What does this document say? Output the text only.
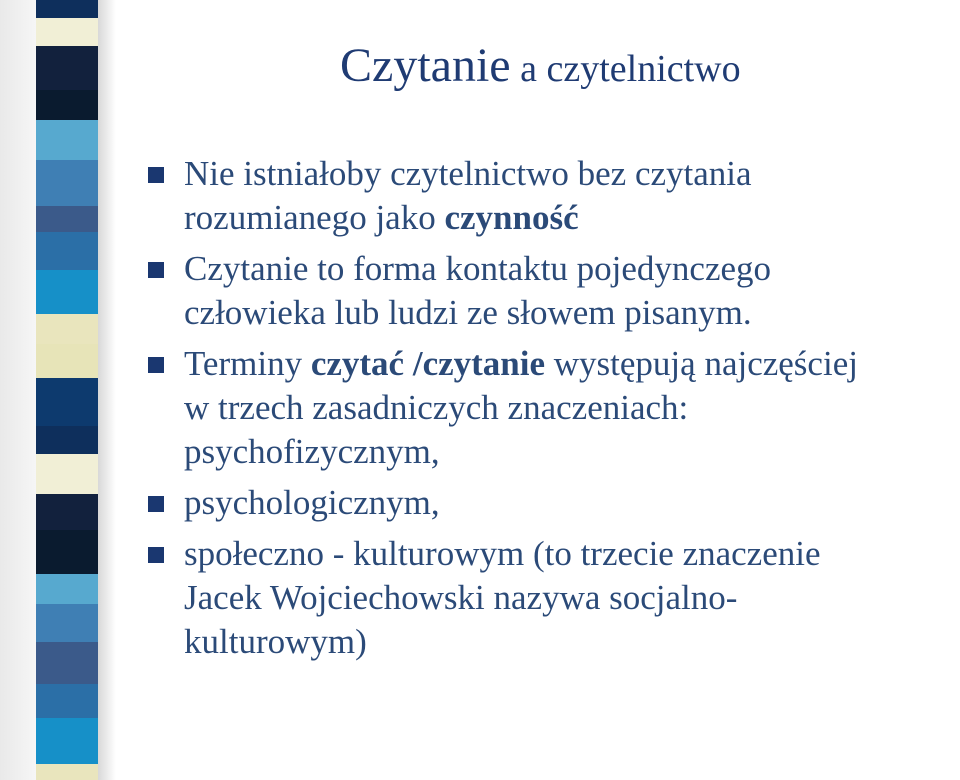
Czytanie a czytelnictwo
Nie istniałoby czytelnictwo bez czytania
rozumianego jako czynność
Czytanie to forma kontaktu pojedynczego
człowieka lub ludzi ze słowem pisanym.
Terminy czytać /czytanie występują najczęściej
w trzech zasadniczych znaczeniach:
psychofizycznym,
psychologicznym,
społeczno - kulturowym (to trzecie znaczenie
Jacek Wojciechowski nazywa socjalno-
kulturowym)
